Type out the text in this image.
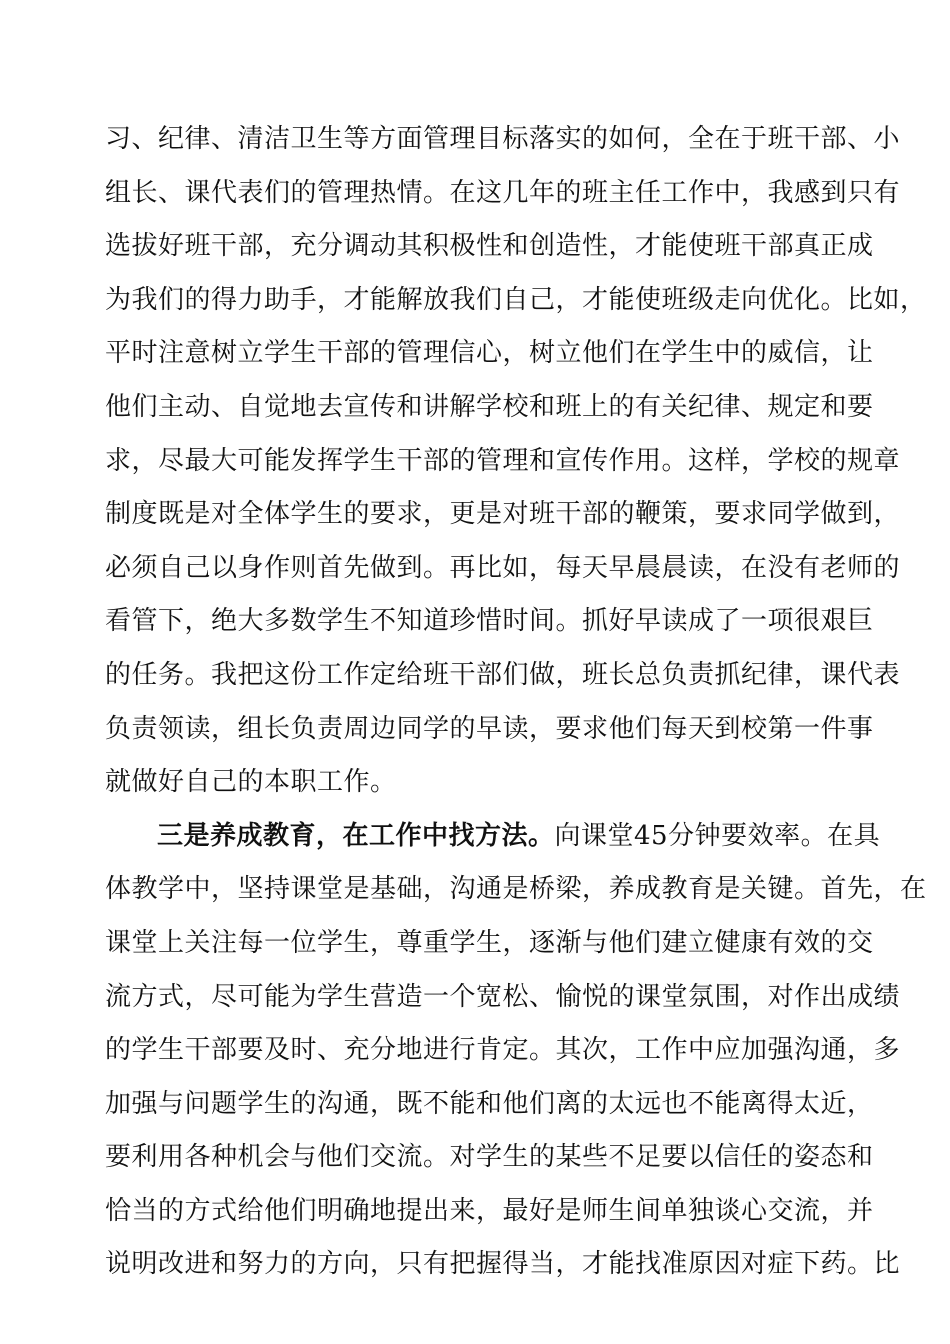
习、纪律、清洁卫生等方面管理目标落实的如何，全在于班干部、小
组长、课代表们的管理热情。在这几年的班主任工作中，我感到只有
选拔好班干部，充分调动其积极性和创造性，才能使班干部真正成
为我们的得力助手，才能解放我们自己，才能使班级走向优化。比如，
平时注意树立学生干部的管理信心，树立他们在学生中的威信，让
他们主动、自觉地去宣传和讲解学校和班上的有关纪律、规定和要
求，尽最大可能发挥学生干部的管理和宣传作用。这样，学校的规章
制度既是对全体学生的要求，更是对班干部的鞭策，要求同学做到，
必须自己以身作则首先做到。再比如，每天早晨晨读，在没有老师的
看管下，绝大多数学生不知道珍惜时间。抓好早读成了一项很艰巨
的任务。我把这份工作定给班干部们做，班长总负责抓纪律，课代表
负责领读，组长负责周边同学的早读，要求他们每天到校第一件事
就做好自己的本职工作。
三是养成教育，在工作中找方法。向课堂45分钟要效率。在具
体教学中，坚持课堂是基础，沟通是桥梁，养成教育是关键。首先，在
课堂上关注每一位学生，尊重学生，逐渐与他们建立健康有效的交
流方式，尽可能为学生营造一个宽松、愉悦的课堂氛围，对作出成绩
的学生干部要及时、充分地进行肯定。其次，工作中应加强沟通，多
加强与问题学生的沟通，既不能和他们离的太远也不能离得太近，
要利用各种机会与他们交流。对学生的某些不足要以信任的姿态和
恰当的方式给他们明确地提出来，最好是师生间单独谈心交流，并
说明改进和努力的方向，只有把握得当，才能找准原因对症下药。比
